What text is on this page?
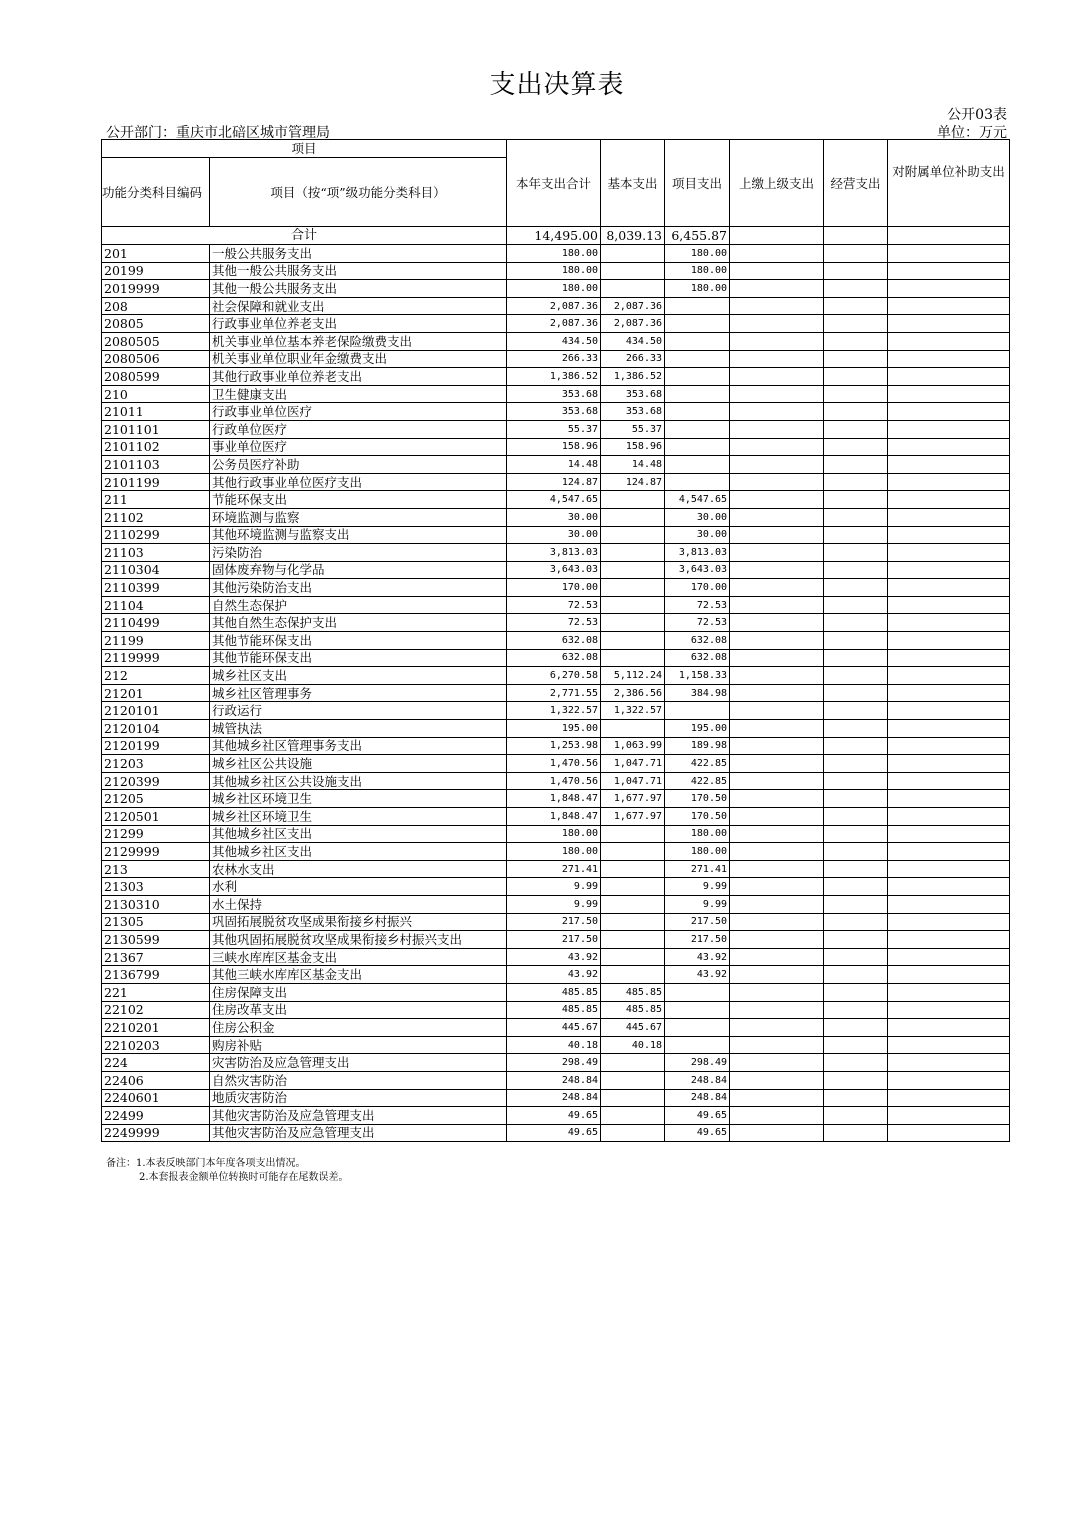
支出决算表
公开03表
公开部门：重庆市北碚区城市管理局	单位：万元
项目		本年支出合计	基本支出	项目支出	上缴上级支出	经营支出	对附属单位补助支出
功能分类科目编码	项目（按“项”级功能分类科目）						
合计		14,495.00	8,039.13	6,455.87			
201	一般公共服务支出	180.00		180.00			
20199	其他一般公共服务支出	180.00		180.00			
2019999	其他一般公共服务支出	180.00		180.00			
208	社会保障和就业支出	2,087.36	2,087.36				
20805	行政事业单位养老支出	2,087.36	2,087.36				
2080505	机关事业单位基本养老保险缴费支出	434.50	434.50				
2080506	机关事业单位职业年金缴费支出	266.33	266.33				
2080599	其他行政事业单位养老支出	1,386.52	1,386.52				
210	卫生健康支出	353.68	353.68				
21011	行政事业单位医疗	353.68	353.68				
2101101	行政单位医疗	55.37	55.37				
2101102	事业单位医疗	158.96	158.96				
2101103	公务员医疗补助	14.48	14.48				
2101199	其他行政事业单位医疗支出	124.87	124.87				
211	节能环保支出	4,547.65		4,547.65			
21102	环境监测与监察	30.00		30.00			
2110299	其他环境监测与监察支出	30.00		30.00			
21103	污染防治	3,813.03		3,813.03			
2110304	固体废弃物与化学品	3,643.03		3,643.03			
2110399	其他污染防治支出	170.00		170.00			
21104	自然生态保护	72.53		72.53			
2110499	其他自然生态保护支出	72.53		72.53			
21199	其他节能环保支出	632.08		632.08			
2119999	其他节能环保支出	632.08		632.08			
212	城乡社区支出	6,270.58	5,112.24	1,158.33			
21201	城乡社区管理事务	2,771.55	2,386.56	384.98			
2120101	行政运行	1,322.57	1,322.57				
2120104	城管执法	195.00		195.00			
2120199	其他城乡社区管理事务支出	1,253.98	1,063.99	189.98			
21203	城乡社区公共设施	1,470.56	1,047.71	422.85			
2120399	其他城乡社区公共设施支出	1,470.56	1,047.71	422.85			
21205	城乡社区环境卫生	1,848.47	1,677.97	170.50			
2120501	城乡社区环境卫生	1,848.47	1,677.97	170.50			
21299	其他城乡社区支出	180.00		180.00			
2129999	其他城乡社区支出	180.00		180.00			
213	农林水支出	271.41		271.41			
21303	水利	9.99		9.99			
2130310	水土保持	9.99		9.99			
21305	巩固拓展脱贫攻坚成果衔接乡村振兴	217.50		217.50			
2130599	其他巩固拓展脱贫攻坚成果衔接乡村振兴支出	217.50		217.50			
21367	三峡水库库区基金支出	43.92		43.92			
2136799	其他三峡水库库区基金支出	43.92		43.92			
221	住房保障支出	485.85	485.85				
22102	住房改革支出	485.85	485.85				
2210201	住房公积金	445.67	445.67				
2210203	购房补贴	40.18	40.18				
224	灾害防治及应急管理支出	298.49		298.49			
22406	自然灾害防治	248.84		248.84			
2240601	地质灾害防治	248.84		248.84			
22499	其他灾害防治及应急管理支出	49.65		49.65			
2249999	其他灾害防治及应急管理支出	49.65		49.65			
备注：1.本表反映部门本年度各项支出情况。
2.本套报表金额单位转换时可能存在尾数误差。
